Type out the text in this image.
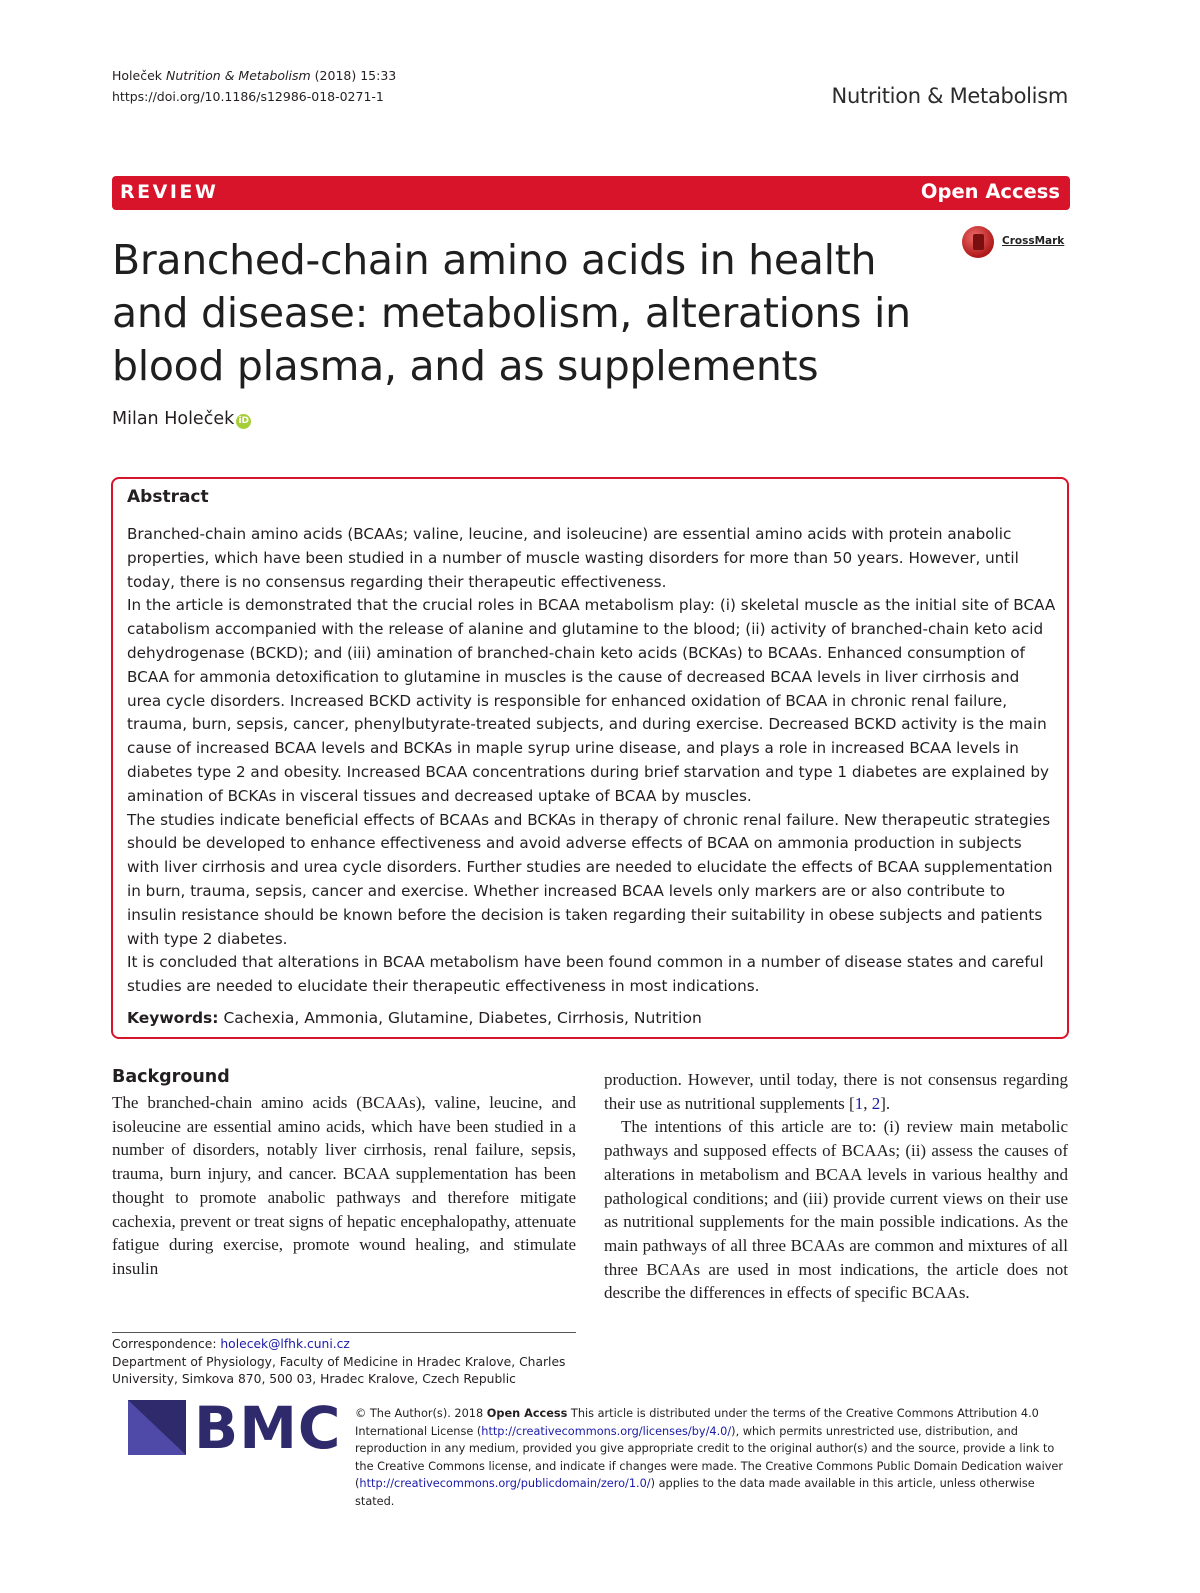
Holeček Nutrition & Metabolism (2018) 15:33
https://doi.org/10.1186/s12986-018-0271-1	Nutrition & Metabolism
REVIEW	Open Access
CrossMark
Branched-chain amino acids in health and disease: metabolism, alterations in blood plasma, and as supplements
Milan Holeček iD
Abstract

Branched-chain amino acids (BCAAs; valine, leucine, and isoleucine) are essential amino acids with protein anabolic properties, which have been studied in a number of muscle wasting disorders for more than 50 years. However, until today, there is no consensus regarding their therapeutic effectiveness.

In the article is demonstrated that the crucial roles in BCAA metabolism play: (i) skeletal muscle as the initial site of BCAA catabolism accompanied with the release of alanine and glutamine to the blood; (ii) activity of branched-chain keto acid dehydrogenase (BCKD); and (iii) amination of branched-chain keto acids (BCKAs) to BCAAs. Enhanced consumption of BCAA for ammonia detoxification to glutamine in muscles is the cause of decreased BCAA levels in liver cirrhosis and urea cycle disorders. Increased BCKD activity is responsible for enhanced oxidation of BCAA in chronic renal failure, trauma, burn, sepsis, cancer, phenylbutyrate-treated subjects, and during exercise. Decreased BCKD activity is the main cause of increased BCAA levels and BCKAs in maple syrup urine disease, and plays a role in increased BCAA levels in diabetes type 2 and obesity. Increased BCAA concentrations during brief starvation and type 1 diabetes are explained by amination of BCKAs in visceral tissues and decreased uptake of BCAA by muscles.

The studies indicate beneficial effects of BCAAs and BCKAs in therapy of chronic renal failure. New therapeutic strategies should be developed to enhance effectiveness and avoid adverse effects of BCAA on ammonia production in subjects with liver cirrhosis and urea cycle disorders. Further studies are needed to elucidate the effects of BCAA supplementation in burn, trauma, sepsis, cancer and exercise. Whether increased BCAA levels only markers are or also contribute to insulin resistance should be known before the decision is taken regarding their suitability in obese subjects and patients with type 2 diabetes.

It is concluded that alterations in BCAA metabolism have been found common in a number of disease states and careful studies are needed to elucidate their therapeutic effectiveness in most indications.

Keywords: Cachexia, Ammonia, Glutamine, Diabetes, Cirrhosis, Nutrition
Background
The branched-chain amino acids (BCAAs), valine, leucine, and isoleucine are essential amino acids, which have been studied in a number of disorders, notably liver cirrhosis, renal failure, sepsis, trauma, burn injury, and cancer. BCAA supplementation has been thought to promote anabolic pathways and therefore mitigate cachexia, prevent or treat signs of hepatic encephalopathy, attenuate fatigue during exercise, promote wound healing, and stimulate insulin

production. However, until today, there is not consensus regarding their use as nutritional supplements [1, 2].

The intentions of this article are to: (i) review main metabolic pathways and supposed effects of BCAAs; (ii) assess the causes of alterations in metabolism and BCAA levels in various healthy and pathological conditions; and (iii) provide current views on their use as nutritional supplements for the main possible indications. As the main pathways of all three BCAAs are common and mixtures of all three BCAAs are used in most indications, the article does not describe the differences in effects of specific BCAAs.

Correspondence: holecek@lfhk.cuni.cz
Department of Physiology, Faculty of Medicine in Hradec Kralove, Charles University, Simkova 870, 500 03, Hradec Kralove, Czech Republic
BMC © The Author(s). 2018 Open Access This article is distributed under the terms of the Creative Commons Attribution 4.0 International License (http://creativecommons.org/licenses/by/4.0/), which permits unrestricted use, distribution, and reproduction in any medium, provided you give appropriate credit to the original author(s) and the source, provide a link to the Creative Commons license, and indicate if changes were made. The Creative Commons Public Domain Dedication waiver (http://creativecommons.org/publicdomain/zero/1.0/) applies to the data made available in this article, unless otherwise stated.
